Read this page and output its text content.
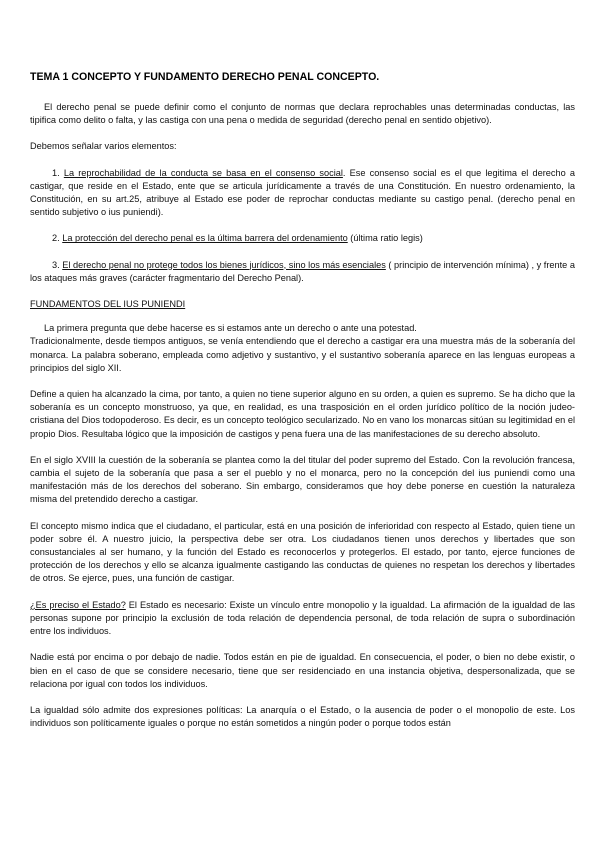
TEMA 1 CONCEPTO Y FUNDAMENTO DERECHO PENAL CONCEPTO.

El derecho penal se puede definir como el conjunto de normas que declara reprochables unas determinadas conductas, las tipifica como delito o falta, y las castiga con una pena o medida de seguridad (derecho penal en sentido objetivo).

Debemos señalar varios elementos:

1. La reprochabilidad de la conducta se basa en el consenso social. Ese consenso social es el que legitima el derecho a castigar, que reside en el Estado, ente que se articula jurídicamente a través de una Constitución. En nuestro ordenamiento, la Constitución, en su art.25, atribuye al Estado ese poder de reprochar conductas mediante su castigo penal. (derecho penal en sentido subjetivo o ius puniendi).

2. La protección del derecho penal es la última barrera del ordenamiento (última ratio legis)

3. El derecho penal no protege todos los bienes jurídicos, sino los más esenciales ( principio de intervención mínima) , y frente a los ataques más graves (carácter fragmentario del Derecho Penal).

FUNDAMENTOS DEL IUS PUNIENDI

La primera pregunta que debe hacerse es si estamos ante un derecho o ante una potestad.
Tradicionalmente, desde tiempos antiguos, se venía entendiendo que el derecho a castigar era una muestra más de la soberanía del monarca. La palabra soberano, empleada como adjetivo y sustantivo, y el sustantivo soberanía aparece en las lenguas europeas a principios del siglo XII.

Define a quien ha alcanzado la cima, por tanto, a quien no tiene superior alguno en su orden, a quien es supremo. Se ha dicho que la soberanía es un concepto monstruoso, ya que, en realidad, es una trasposición en el orden jurídico político de la noción judeo-cristiana del Dios todopoderoso. Es decir, es un concepto teológico secularizado. No en vano los monarcas sitúan su legitimidad en el propio Dios. Resultaba lógico que la imposición de castigos y pena fuera una de las manifestaciones de su derecho absoluto.

En el siglo XVIII la cuestión de la soberanía se plantea como la del titular del poder supremo del Estado. Con la revolución francesa, cambia el sujeto de la soberanía que pasa a ser el pueblo y no el monarca, pero no la concepción del ius puniendi como una manifestación más de los derechos del soberano. Sin embargo, consideramos que hoy debe ponerse en cuestión la naturaleza misma del pretendido derecho a castigar.

El concepto mismo indica que el ciudadano, el particular, está en una posición de inferioridad con respecto al Estado, quien tiene un poder sobre él. A nuestro juicio, la perspectiva debe ser otra. Los ciudadanos tienen unos derechos y libertades que son consustanciales al ser humano, y la función del Estado es reconocerlos y protegerlos. El estado, por tanto, ejerce funciones de protección de los derechos y ello se alcanza igualmente castigando las conductas de quienes no respetan los derechos y libertades de otros. Se ejerce, pues, una función de castigar.

¿Es preciso el Estado? El Estado es necesario: Existe un vínculo entre monopolio y la igualdad. La afirmación de la igualdad de las personas supone por principio la exclusión de toda relación de dependencia personal, de toda relación de supra o subordinación entre los individuos.

Nadie está por encima o por debajo de nadie. Todos están en pie de igualdad. En consecuencia, el poder, o bien no debe existir, o bien en el caso de que se considere necesario, tiene que ser residenciado en una instancia objetiva, despersonalizada, que se relaciona por igual con todos los individuos.

La igualdad sólo admite dos expresiones políticas: La anarquía o el Estado, o la ausencia de poder o el monopolio de este. Los individuos son políticamente iguales o porque no están sometidos a ningún poder o porque todos están
